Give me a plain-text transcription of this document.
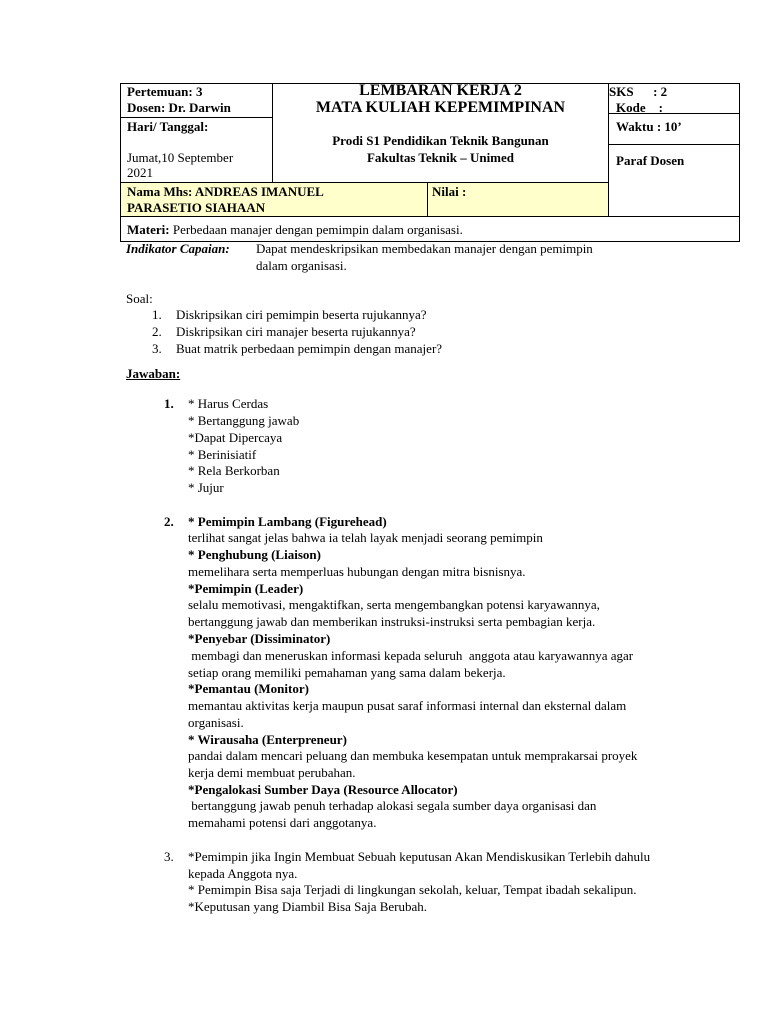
Pertemuan: 3
Dosen: Dr. Darwin
LEMBARAN KERJA 2
MATA KULIAH KEPEMIMPINAN
SKS      : 2
Kode    :
Hari/ Tanggal:
Jumat,10 September
2021
Prodi S1 Pendidikan Teknik Bangunan
Fakultas Teknik – Unimed
Waktu : 10’
Paraf Dosen
Nama Mhs: ANDREAS IMANUEL
PARASETIO SIAHAAN
Nilai :
Materi: Perbedaan manajer dengan pemimpin dalam organisasi.
Indikator Capaian: Dapat mendeskripsikan membedakan manajer dengan pemimpin
dalam organisasi.
Soal:
1. Diskripsikan ciri pemimpin beserta rujukannya?
2. Diskripsikan ciri manajer beserta rujukannya?
3. Buat matrik perbedaan pemimpin dengan manajer?
Jawaban:
1. * Harus Cerdas
* Bertanggung jawab
*Dapat Dipercaya
* Berinisiatif
* Rela Berkorban
* Jujur
2. * Pemimpin Lambang (Figurehead)
terlihat sangat jelas bahwa ia telah layak menjadi seorang pemimpin
* Penghubung (Liaison)
memelihara serta memperluas hubungan dengan mitra bisnisnya.
*Pemimpin (Leader)
selalu memotivasi, mengaktifkan, serta mengembangkan potensi karyawannya,
bertanggung jawab dan memberikan instruksi-instruksi serta pembagian kerja.
*Penyebar (Dissiminator)
membagi dan meneruskan informasi kepada seluruh  anggota atau karyawannya agar
setiap orang memiliki pemahaman yang sama dalam bekerja.
*Pemantau (Monitor)
memantau aktivitas kerja maupun pusat saraf informasi internal dan eksternal dalam
organisasi.
* Wirausaha (Enterpreneur)
pandai dalam mencari peluang dan membuka kesempatan untuk memprakarsai proyek
kerja demi membuat perubahan.
*Pengalokasi Sumber Daya (Resource Allocator)
bertanggung jawab penuh terhadap alokasi segala sumber daya organisasi dan
memahami potensi dari anggotanya.
3. *Pemimpin jika Ingin Membuat Sebuah keputusan Akan Mendiskusikan Terlebih dahulu
kepada Anggota nya.
* Pemimpin Bisa saja Terjadi di lingkungan sekolah, keluar, Tempat ibadah sekalipun.
*Keputusan yang Diambil Bisa Saja Berubah.
